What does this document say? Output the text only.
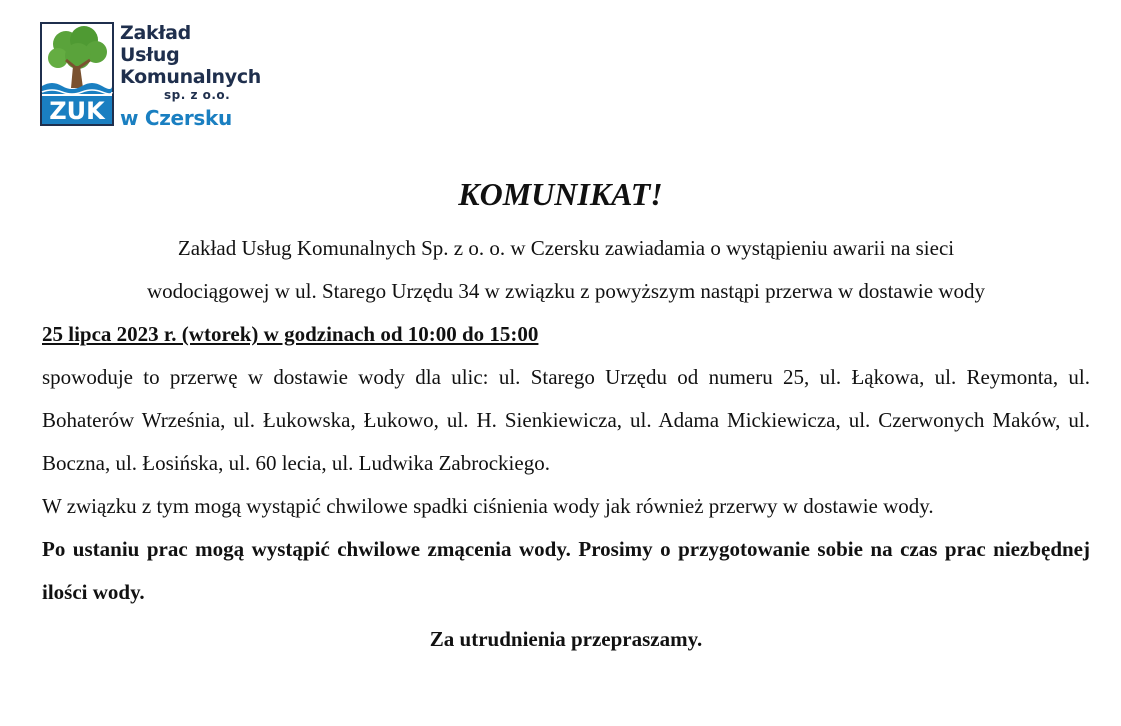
ZUK
Zakład
Usług
Komunalnych
sp. z o.o.
w Czersku
KOMUNIKAT!

Zakład Usług Komunalnych Sp. z o. o. w Czersku zawiadamia o wystąpieniu awarii na sieci

wodociągowej w ul. Starego Urzędu 34 w związku z powyższym nastąpi przerwa w dostawie wody

25 lipca 2023 r. (wtorek) w godzinach od 10:00 do 15:00

spowoduje to przerwę w dostawie wody dla ulic: ul. Starego Urzędu od numeru 25, ul. Łąkowa, ul. Reymonta, ul. Bohaterów Września, ul. Łukowska, Łukowo, ul. H. Sienkiewicza, ul. Adama Mickiewicza, ul. Czerwonych Maków, ul. Boczna, ul. Łosińska, ul. 60 lecia, ul. Ludwika Zabrockiego.

W związku z tym mogą wystąpić chwilowe spadki ciśnienia wody jak również przerwy w dostawie wody.

Po ustaniu prac mogą wystąpić chwilowe zmącenia wody. Prosimy o przygotowanie sobie na czas prac niezbędnej ilości wody.

Za utrudnienia przepraszamy.
